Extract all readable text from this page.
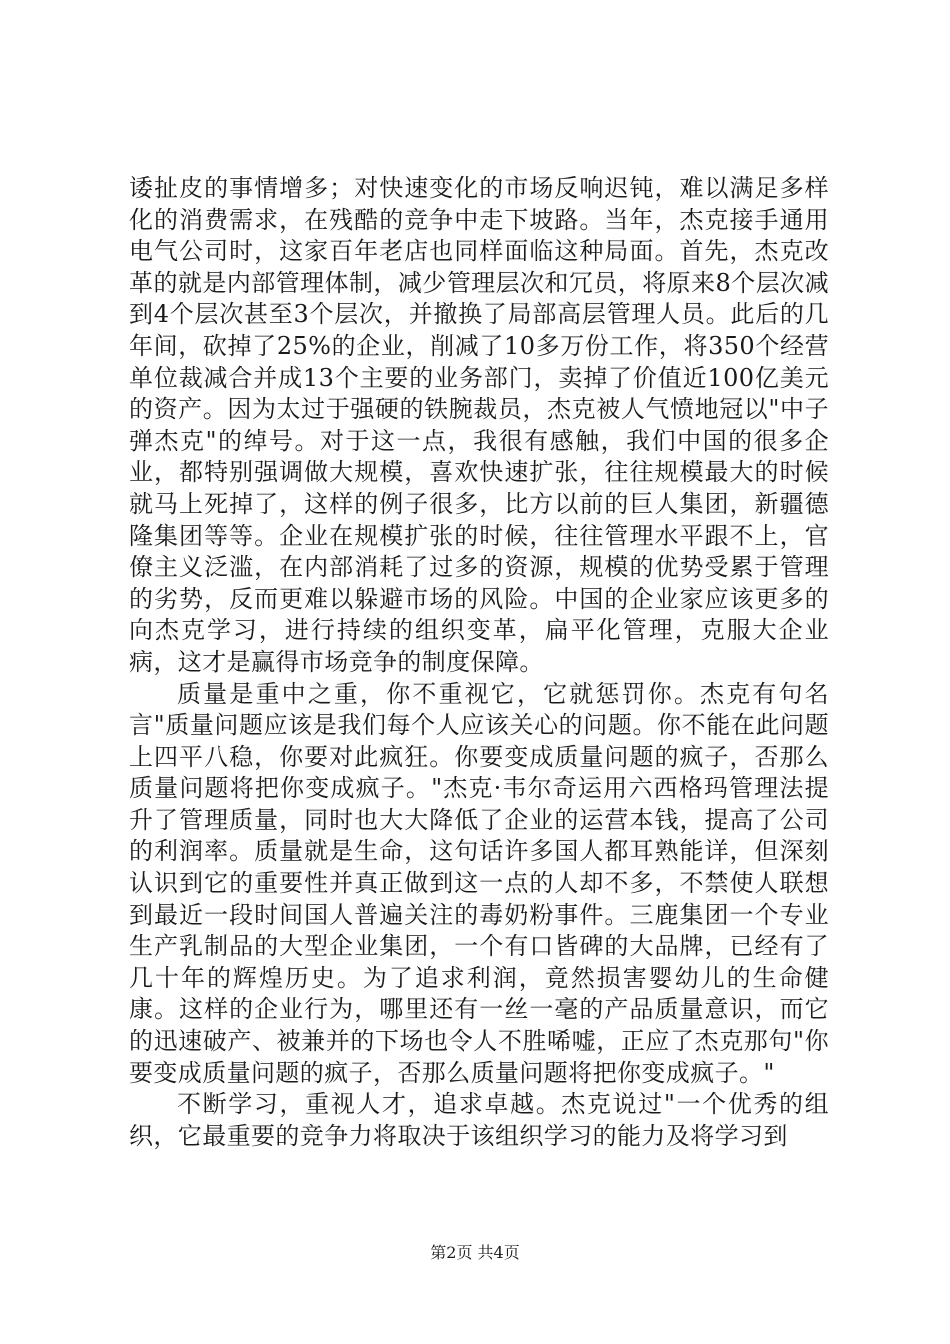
诿扯皮的事情增多；对快速变化的市场反响迟钝，难以满足多样化的消费需求，在残酷的竞争中走下坡路。当年，杰克接手通用电气公司时，这家百年老店也同样面临这种局面。首先，杰克改革的就是内部管理体制，减少管理层次和冗员，将原来8个层次减到4个层次甚至3个层次，并撤换了局部高层管理人员。此后的几年间，砍掉了25%的企业，削减了10多万份工作，将350个经营单位裁减合并成13个主要的业务部门，卖掉了价值近100亿美元的资产。因为太过于强硬的铁腕裁员，杰克被人气愤地冠以"中子弹杰克"的绰号。对于这一点，我很有感触，我们中国的很多企业，都特别强调做大规模，喜欢快速扩张，往往规模最大的时候就马上死掉了，这样的例子很多，比方以前的巨人集团，新疆德隆集团等等。企业在规模扩张的时候，往往管理水平跟不上，官僚主义泛滥，在内部消耗了过多的资源，规模的优势受累于管理的劣势，反而更难以躲避市场的风险。中国的企业家应该更多的向杰克学习，进行持续的组织变革，扁平化管理，克服大企业病，这才是赢得市场竞争的制度保障。

质量是重中之重，你不重视它，它就惩罚你。杰克有句名言"质量问题应该是我们每个人应该关心的问题。你不能在此问题上四平八稳，你要对此疯狂。你要变成质量问题的疯子，否那么质量问题将把你变成疯子。"杰克·韦尔奇运用六西格玛管理法提升了管理质量，同时也大大降低了企业的运营本钱，提高了公司的利润率。质量就是生命，这句话许多国人都耳熟能详，但深刻认识到它的重要性并真正做到这一点的人却不多，不禁使人联想到最近一段时间国人普遍关注的毒奶粉事件。三鹿集团一个专业生产乳制品的大型企业集团，一个有口皆碑的大品牌，已经有了几十年的辉煌历史。为了追求利润，竟然损害婴幼儿的生命健康。这样的企业行为，哪里还有一丝一毫的产品质量意识，而它的迅速破产、被兼并的下场也令人不胜唏嘘，正应了杰克那句"你要变成质量问题的疯子，否那么质量问题将把你变成疯子。"

不断学习，重视人才，追求卓越。杰克说过"一个优秀的组织，它最重要的竞争力将取决于该组织学习的能力及将学习到

第2页 共4页
